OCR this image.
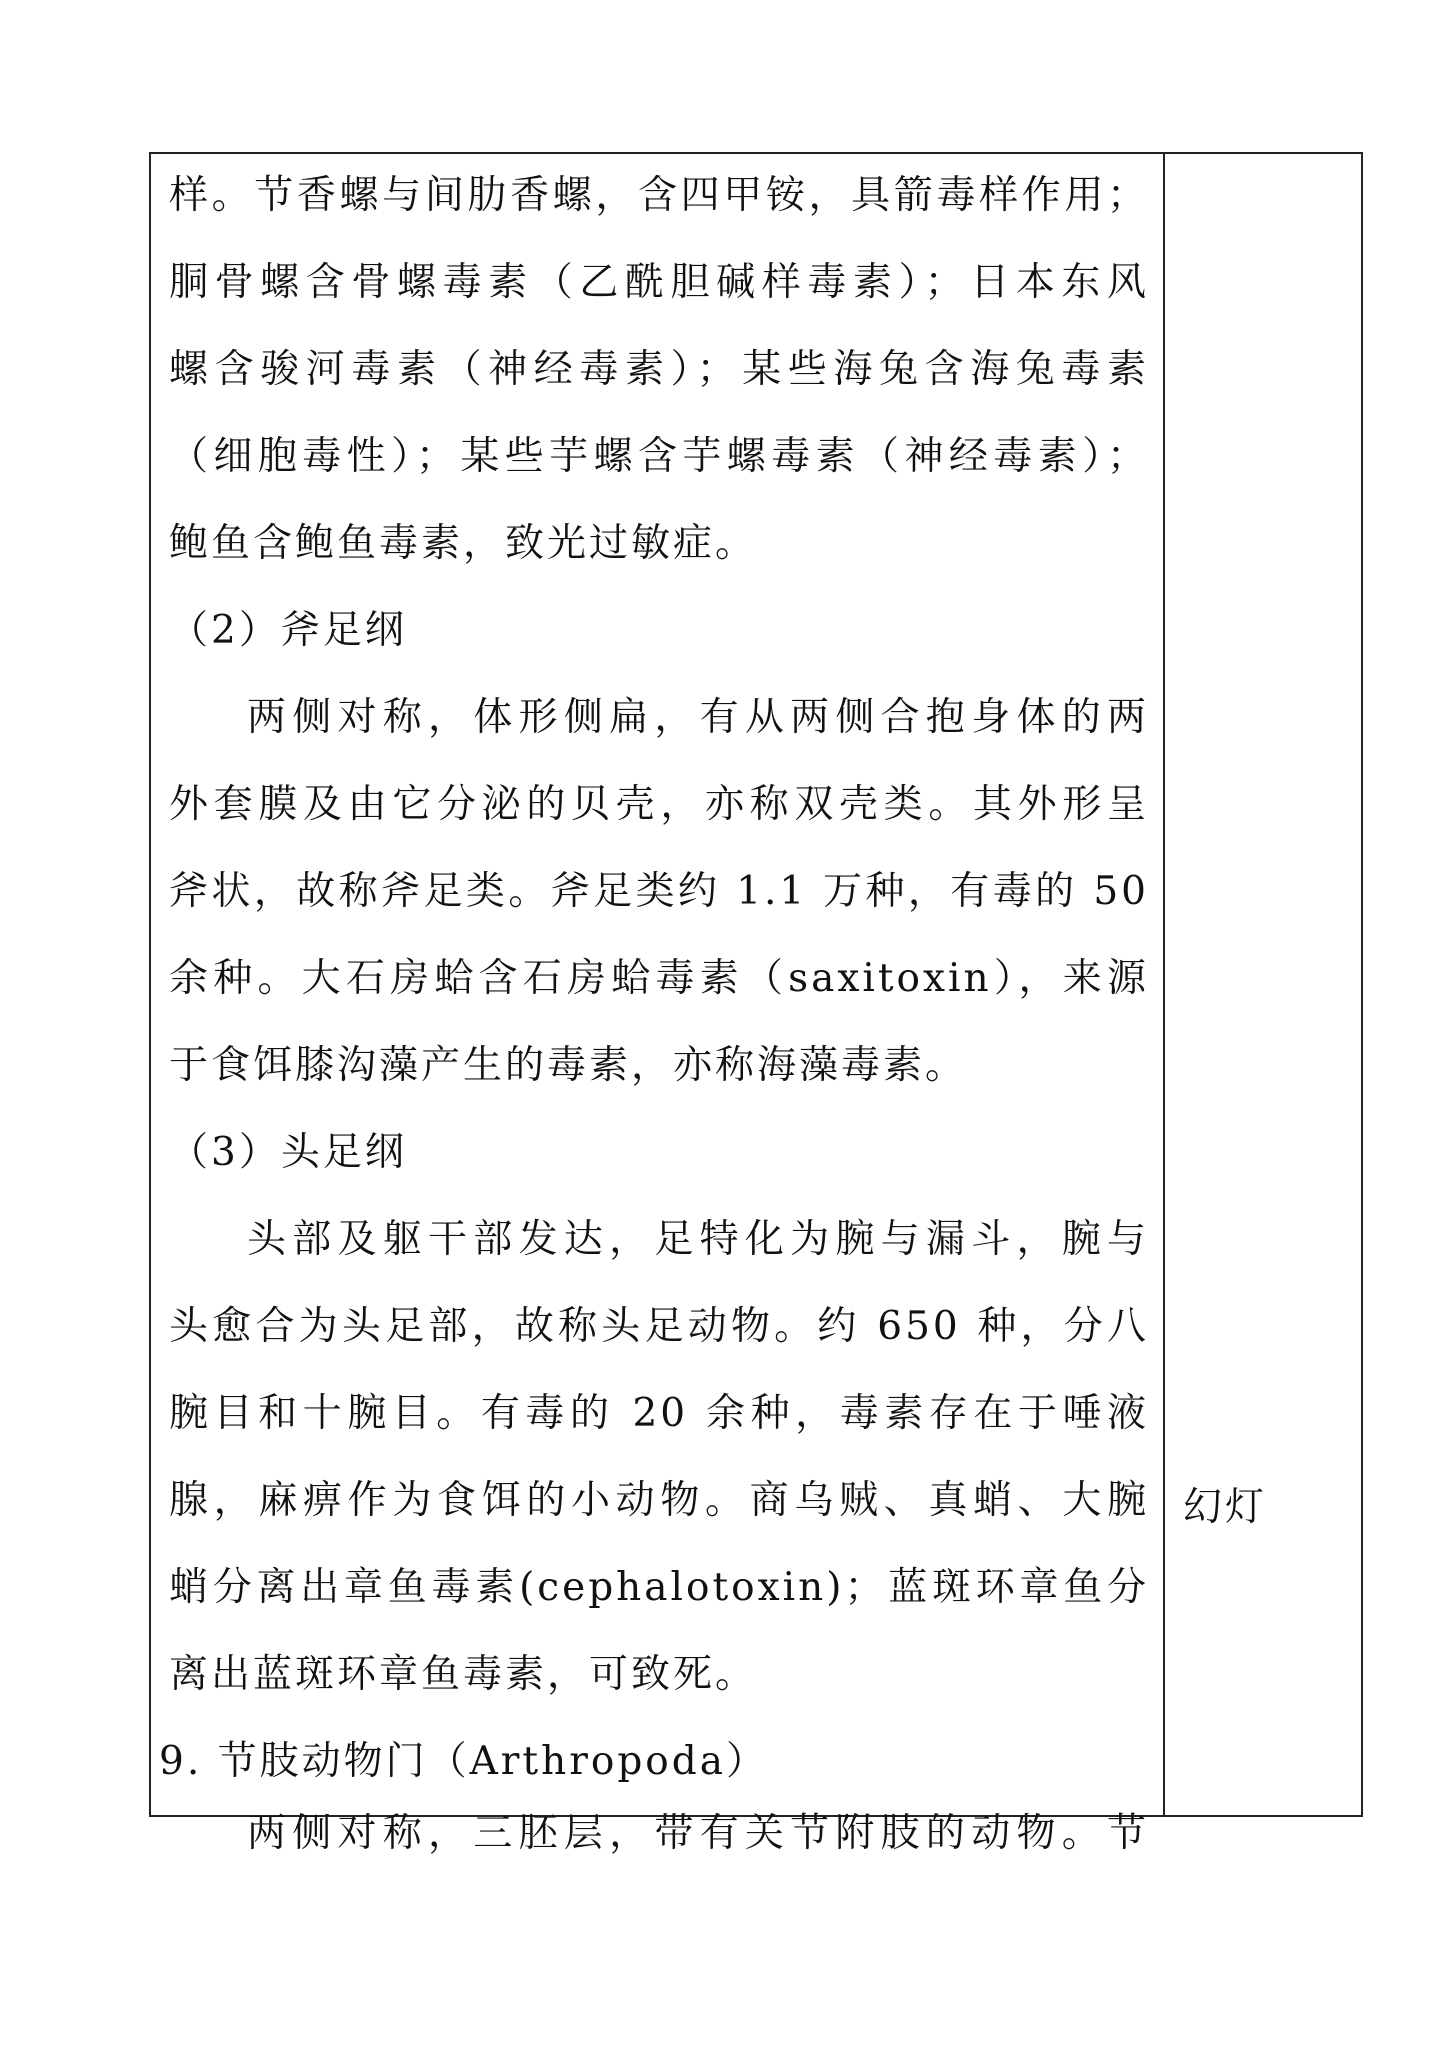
样。节香螺与间肋香螺，含四甲铵，具箭毒样作用；
胴骨螺含骨螺毒素（乙酰胆碱样毒素）；日本东风
螺含骏河毒素（神经毒素）；某些海兔含海兔毒素
（细胞毒性）；某些芋螺含芋螺毒素（神经毒素）；
鲍鱼含鲍鱼毒素，致光过敏症。
（2）斧足纲
两侧对称，体形侧扁，有从两侧合抱身体的两
外套膜及由它分泌的贝壳，亦称双壳类。其外形呈
斧状，故称斧足类。斧足类约 1.1 万种，有毒的 50
余种。大石房蛤含石房蛤毒素（saxitoxin），来源
于食饵膝沟藻产生的毒素，亦称海藻毒素。
（3）头足纲
头部及躯干部发达，足特化为腕与漏斗，腕与
头愈合为头足部，故称头足动物。约 650 种，分八
腕目和十腕目。有毒的 20 余种，毒素存在于唾液
腺，麻痹作为食饵的小动物。商乌贼、真蛸、大腕
蛸分离出章鱼毒素(cephalotoxin)；蓝斑环章鱼分
离出蓝斑环章鱼毒素，可致死。
9. 节肢动物门（Arthropoda）
两侧对称，三胚层，带有关节附肢的动物。节
幻灯
